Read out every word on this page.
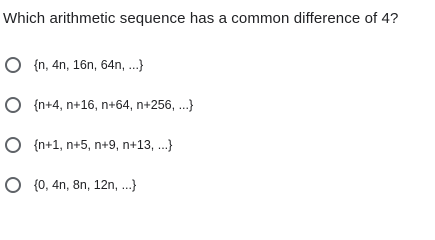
Which arithmetic sequence has a common difference of 4?
{n, 4n, 16n, 64n, ...}
{n+4, n+16, n+64, n+256, ...}
{n+1, n+5, n+9, n+13, ...}
{0, 4n, 8n, 12n, ...}
